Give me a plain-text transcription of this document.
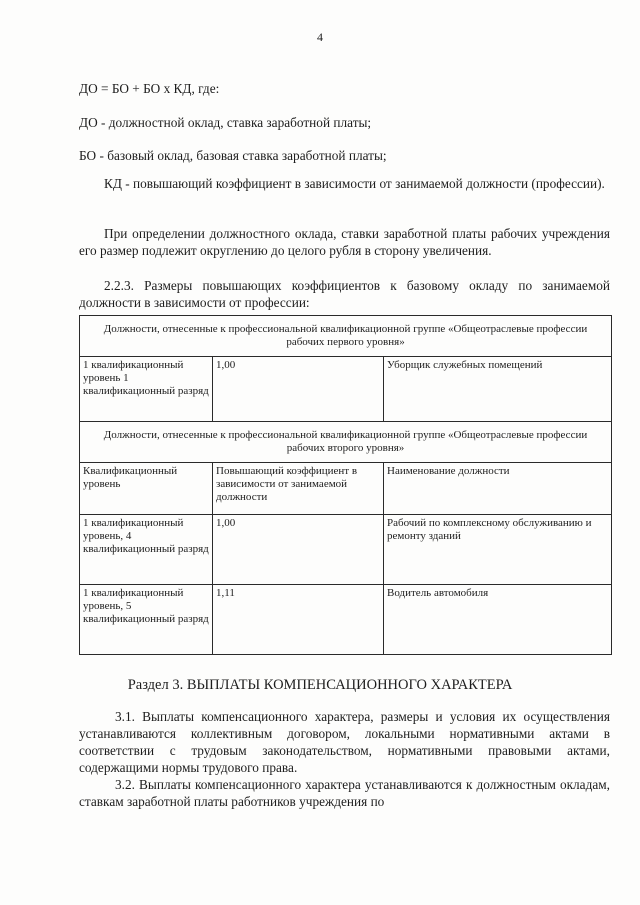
4

ДО = БО + БО х КД, где:

ДО - должностной оклад, ставка заработной платы;

БО - базовый оклад, базовая ставка заработной платы;

КД - повышающий коэффициент в зависимости от занимаемой должности (профессии).

При определении должностного оклада, ставки заработной платы рабочих учреждения его размер подлежит округлению до целого рубля в сторону увеличения.

2.2.3. Размеры повышающих коэффициентов к базовому окладу по занимаемой должности в зависимости от профессии:

Должности, отнесенные к профессиональной квалификационной группе «Общеотраслевые профессии рабочих первого уровня»		
1 квалификационный уровень 1 квалификационный разряд	1,00	Уборщик служебных помещений
Должности, отнесенные к профессиональной квалификационной группе «Общеотраслевые профессии рабочих второго уровня»		
Квалификационный уровень	Повышающий коэффициент в зависимости от занимаемой должности	Наименование должности
1 квалификационный уровень, 4 квалификационный разряд	1,00	Рабочий по комплексному обслуживанию и ремонту зданий
1 квалификационный уровень, 5 квалификационный разряд	1,11	Водитель автомобиля
Раздел 3. ВЫПЛАТЫ КОМПЕНСАЦИОННОГО ХАРАКТЕРА

3.1. Выплаты компенсационного характера, размеры и условия их осуществления устанавливаются коллективным договором, локальными нормативными актами в соответствии с трудовым законодательством, нормативными правовыми актами, содержащими нормы трудового права.

3.2. Выплаты компенсационного характера устанавливаются к должностным окладам, ставкам заработной платы работников учреждения по
